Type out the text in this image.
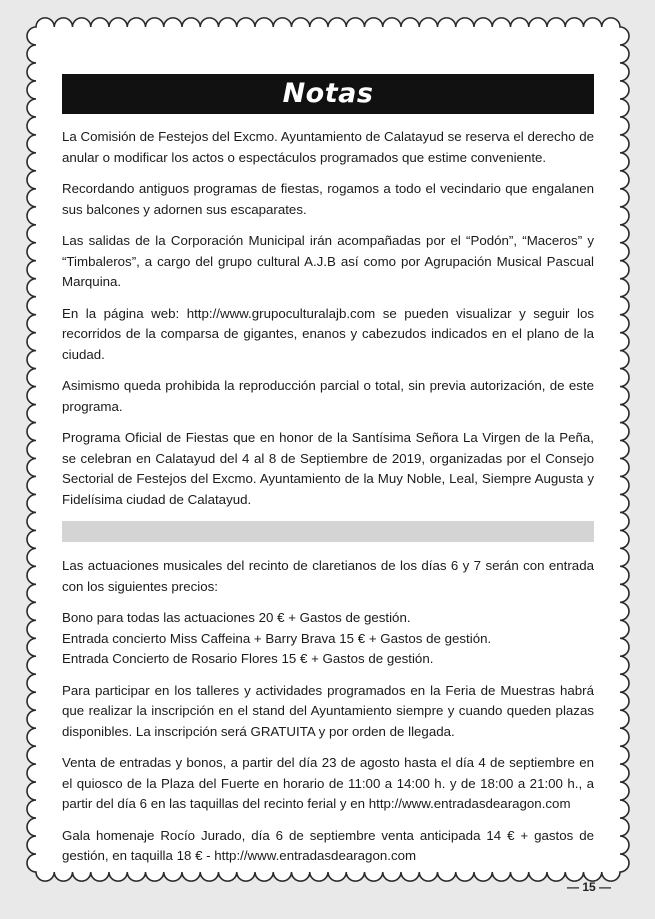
Notas

La Comisión de Festejos del Excmo. Ayuntamiento de Calatayud se reserva el derecho de anular o modificar los actos o espectáculos programados que estime conveniente.

Recordando antiguos programas de fiestas, rogamos a todo el vecindario que engalanen sus balcones y adornen sus escaparates.

Las salidas de la Corporación Municipal irán acompañadas por el “Podón”, “Maceros” y “Timbaleros”, a cargo del grupo cultural A.J.B así como por Agrupación Musical Pascual Marquina.

En la página web: http://www.grupoculturalajb.com se pueden visualizar y seguir los recorridos de la comparsa de gigantes, enanos y cabezudos indicados en el plano de la ciudad.

Asimismo queda prohibida la reproducción parcial o total, sin previa autorización, de este programa.

Programa Oficial de Fiestas que en honor de la Santísima Señora La Virgen de la Peña, se celebran en Calatayud del 4 al 8 de Septiembre de 2019, organizadas por el Consejo Sectorial de Festejos del Excmo. Ayuntamiento de la Muy Noble, Leal, Siempre Augusta y Fidelísima ciudad de Calatayud.

Las actuaciones musicales del recinto de claretianos de los días 6 y 7 serán con entrada con los siguientes precios:

Bono para todas las actuaciones 20 € + Gastos de gestión.
Entrada concierto Miss Caffeina + Barry Brava 15 € + Gastos de gestión.
Entrada Concierto de Rosario Flores 15 € + Gastos de gestión.

Para participar en los talleres y actividades programados en la Feria de Muestras habrá que realizar la inscripción en el stand del Ayuntamiento siempre y cuando queden plazas disponibles. La inscripción será GRATUITA y por orden de llegada.

Venta de entradas y bonos, a partir del día 23 de agosto hasta el día 4 de septiembre en el quiosco de la Plaza del Fuerte en horario de 11:00 a 14:00 h. y de 18:00 a 21:00 h., a partir del día 6 en las taquillas del recinto ferial y en http://www.entradasdearagon.com

Gala homenaje Rocío Jurado, día 6 de septiembre venta anticipada 14 € + gastos de gestión, en taquilla 18 € - http://www.entradasdearagon.com

— 15 —
